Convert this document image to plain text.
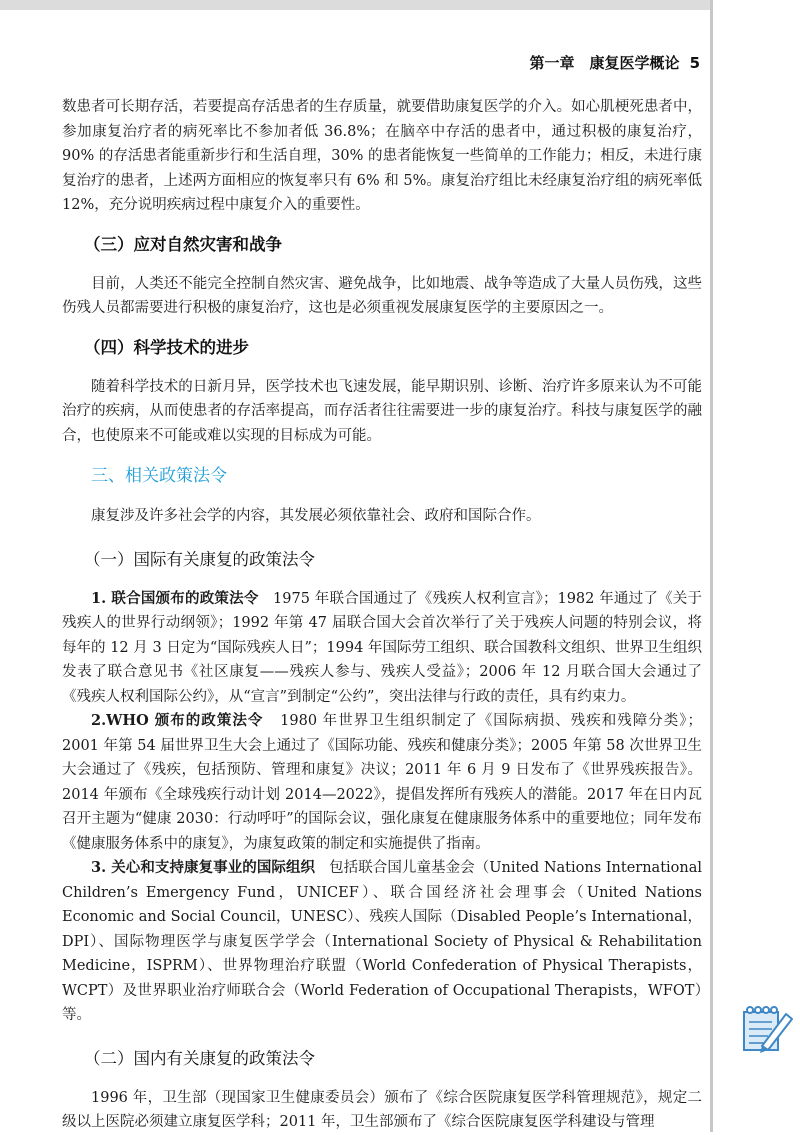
第一章　康复医学概论 5

数患者可长期存活，若要提高存活患者的生存质量，就要借助康复医学的介入。如心肌梗死患者中，参加康复治疗者的病死率比不参加者低 36.8%；在脑卒中存活的患者中，通过积极的康复治疗，90% 的存活患者能重新步行和生活自理，30% 的患者能恢复一些简单的工作能力；相反，未进行康复治疗的患者，上述两方面相应的恢复率只有 6% 和 5%。康复治疗组比未经康复治疗组的病死率低 12%，充分说明疾病过程中康复介入的重要性。

（三）应对自然灾害和战争

目前，人类还不能完全控制自然灾害、避免战争，比如地震、战争等造成了大量人员伤残，这些伤残人员都需要进行积极的康复治疗，这也是必须重视发展康复医学的主要原因之一。

（四）科学技术的进步

随着科学技术的日新月异，医学技术也飞速发展，能早期识别、诊断、治疗许多原来认为不可能治疗的疾病，从而使患者的存活率提高，而存活者往往需要进一步的康复治疗。科技与康复医学的融合，也使原来不可能或难以实现的目标成为可能。

三、相关政策法令

康复涉及许多社会学的内容，其发展必须依靠社会、政府和国际合作。

（一）国际有关康复的政策法令

1. 联合国颁布的政策法令 1975 年联合国通过了《残疾人权利宣言》；1982 年通过了《关于残疾人的世界行动纲领》；1992 年第 47 届联合国大会首次举行了关于残疾人问题的特别会议，将每年的 12 月 3 日定为“国际残疾人日”；1994 年国际劳工组织、联合国教科文组织、世界卫生组织发表了联合意见书《社区康复——残疾人参与、残疾人受益》；2006 年 12 月联合国大会通过了《残疾人权利国际公约》，从“宣言”到制定“公约”，突出法律与行政的责任，具有约束力。

2.WHO 颁布的政策法令 1980 年世界卫生组织制定了《国际病损、残疾和残障分类》；2001 年第 54 届世界卫生大会上通过了《国际功能、残疾和健康分类》；2005 年第 58 次世界卫生大会通过了《残疾，包括预防、管理和康复》决议；2011 年 6 月 9 日发布了《世界残疾报告》。2014 年颁布《全球残疾行动计划 2014—2022》，提倡发挥所有残疾人的潜能。2017 年在日内瓦召开主题为“健康 2030：行动呼吁”的国际会议，强化康复在健康服务体系中的重要地位；同年发布《健康服务体系中的康复》，为康复政策的制定和实施提供了指南。

3. 关心和支持康复事业的国际组织 包括联合国儿童基金会（United Nations International Children’s Emergency Fund，UNICEF）、联合国经济社会理事会（United Nations Economic and Social Council，UNESC）、残疾人国际（Disabled People’s International，DPI）、国际物理医学与康复医学学会（International Society of Physical & Rehabilitation Medicine，ISPRM）、世界物理治疗联盟（World Confederation of Physical Therapists，WCPT）及世界职业治疗师联合会（World Federation of Occupational Therapists，WFOT）等。

（二）国内有关康复的政策法令

1996 年，卫生部（现国家卫生健康委员会）颁布了《综合医院康复医学科管理规范》，规定二级以上医院必须建立康复医学科；2011 年，卫生部颁布了《综合医院康复医学科建设与管理
